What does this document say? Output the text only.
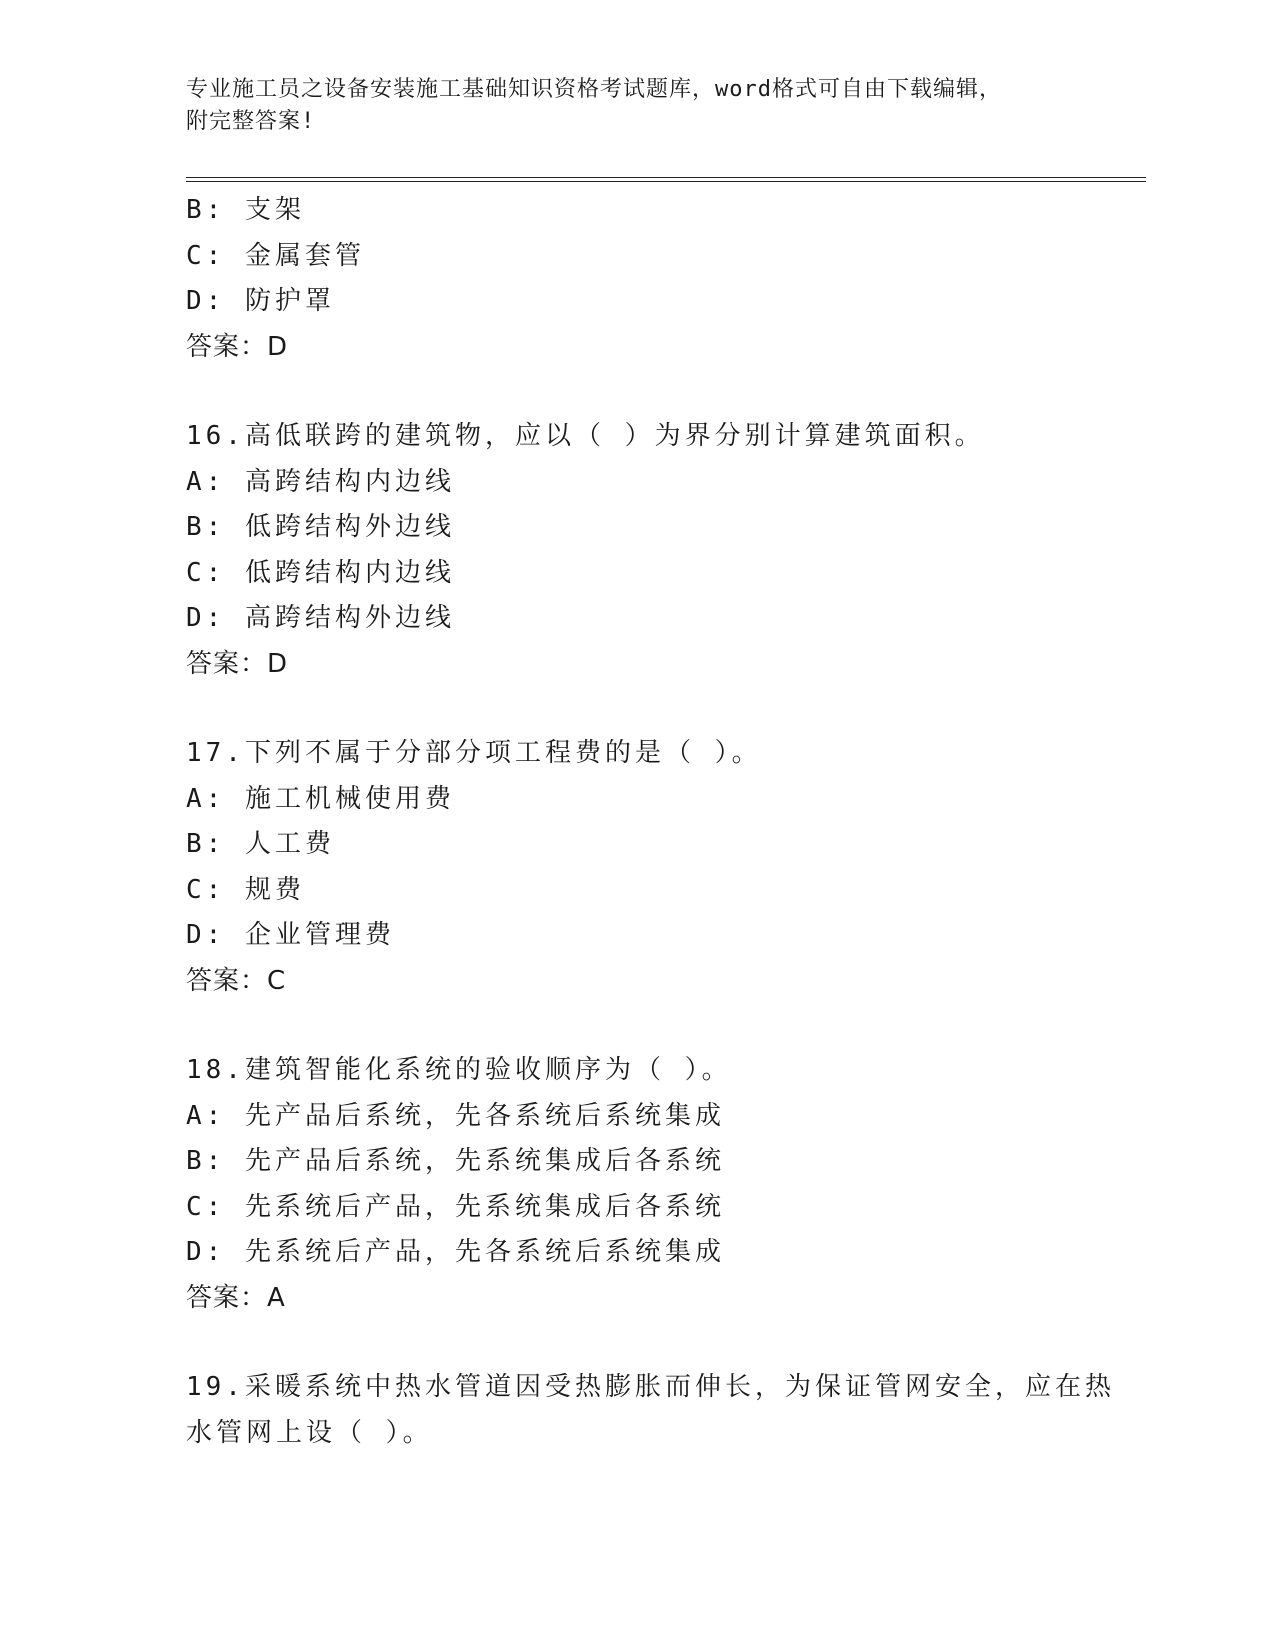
专业施工员之设备安装施工基础知识资格考试题库，word格式可自由下载编辑，
附完整答案!
B: 支架
C: 金属套管
D: 防护罩
答案：D
16.高低联跨的建筑物，应以（ ）为界分别计算建筑面积。
A: 高跨结构内边线
B: 低跨结构外边线
C: 低跨结构内边线
D: 高跨结构外边线
答案：D
17.下列不属于分部分项工程费的是（ ）。
A: 施工机械使用费
B: 人工费
C: 规费
D: 企业管理费
答案：C
18.建筑智能化系统的验收顺序为（ ）。
A: 先产品后系统，先各系统后系统集成
B: 先产品后系统，先系统集成后各系统
C: 先系统后产品，先系统集成后各系统
D: 先系统后产品，先各系统后系统集成
答案：A
19.采暖系统中热水管道因受热膨胀而伸长，为保证管网安全，应在热
水管网上设（ ）。
